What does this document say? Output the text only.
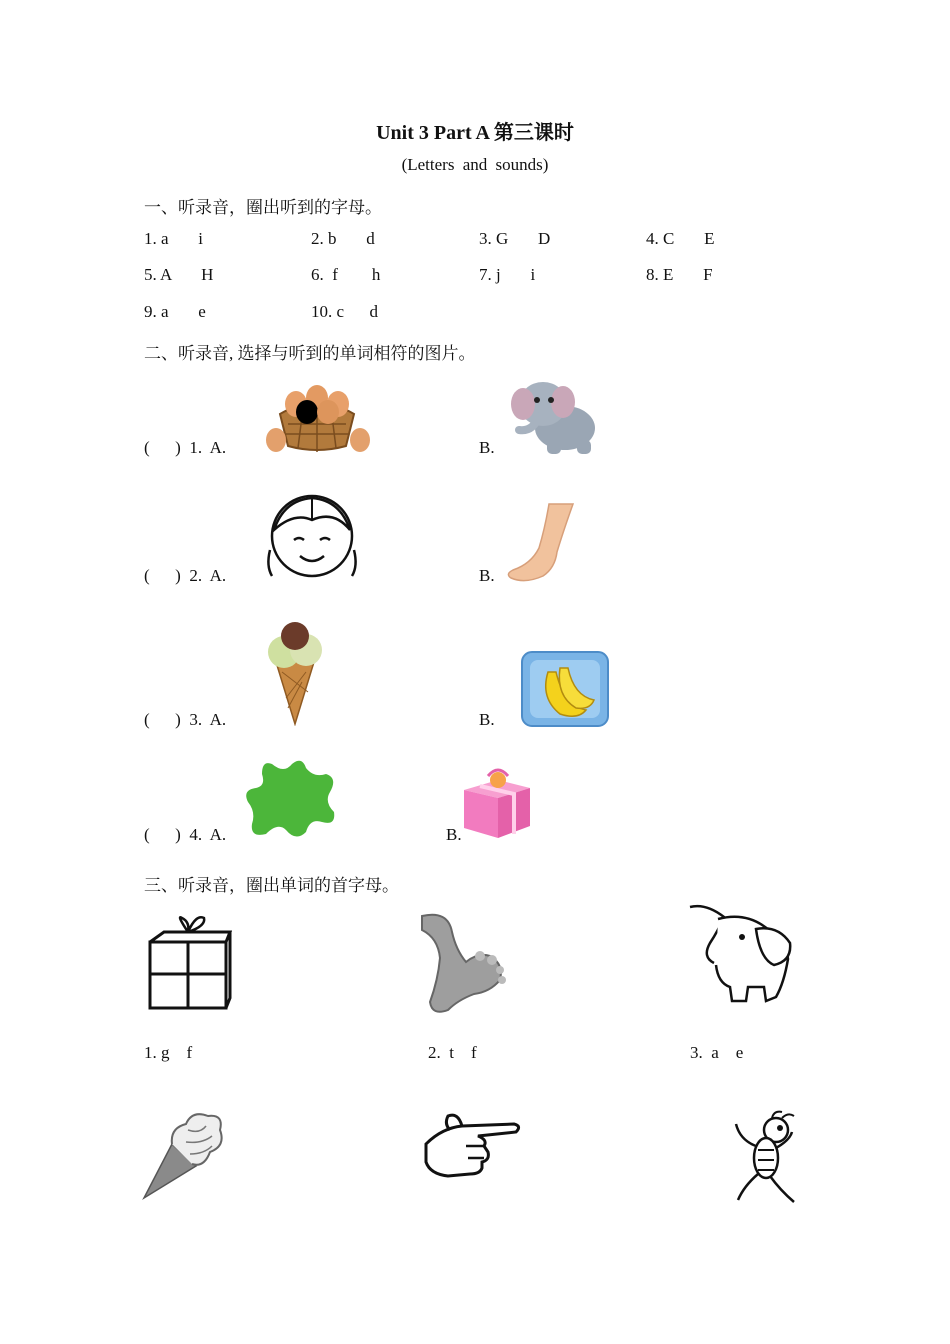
Unit 3 Part A 第三课时
(Letters and sounds)
一、听录音，圈出听到的字母。
1. a       i	2. b       d	3. G       D	4. C       E
5. A       H	6.  f        h	7. j       i	8. E       F
9. a       e	10. c      d
二、听录音, 选择与听到的单词相符的图片。
(      )  1.  A.	B.
(      )  2.  A.	B.
(      )  3.  A.	B.
(      )  4.  A.	B.
三、听录音，圈出单词的首字母。
1. g    f	2.  t    f	3.  a    e
